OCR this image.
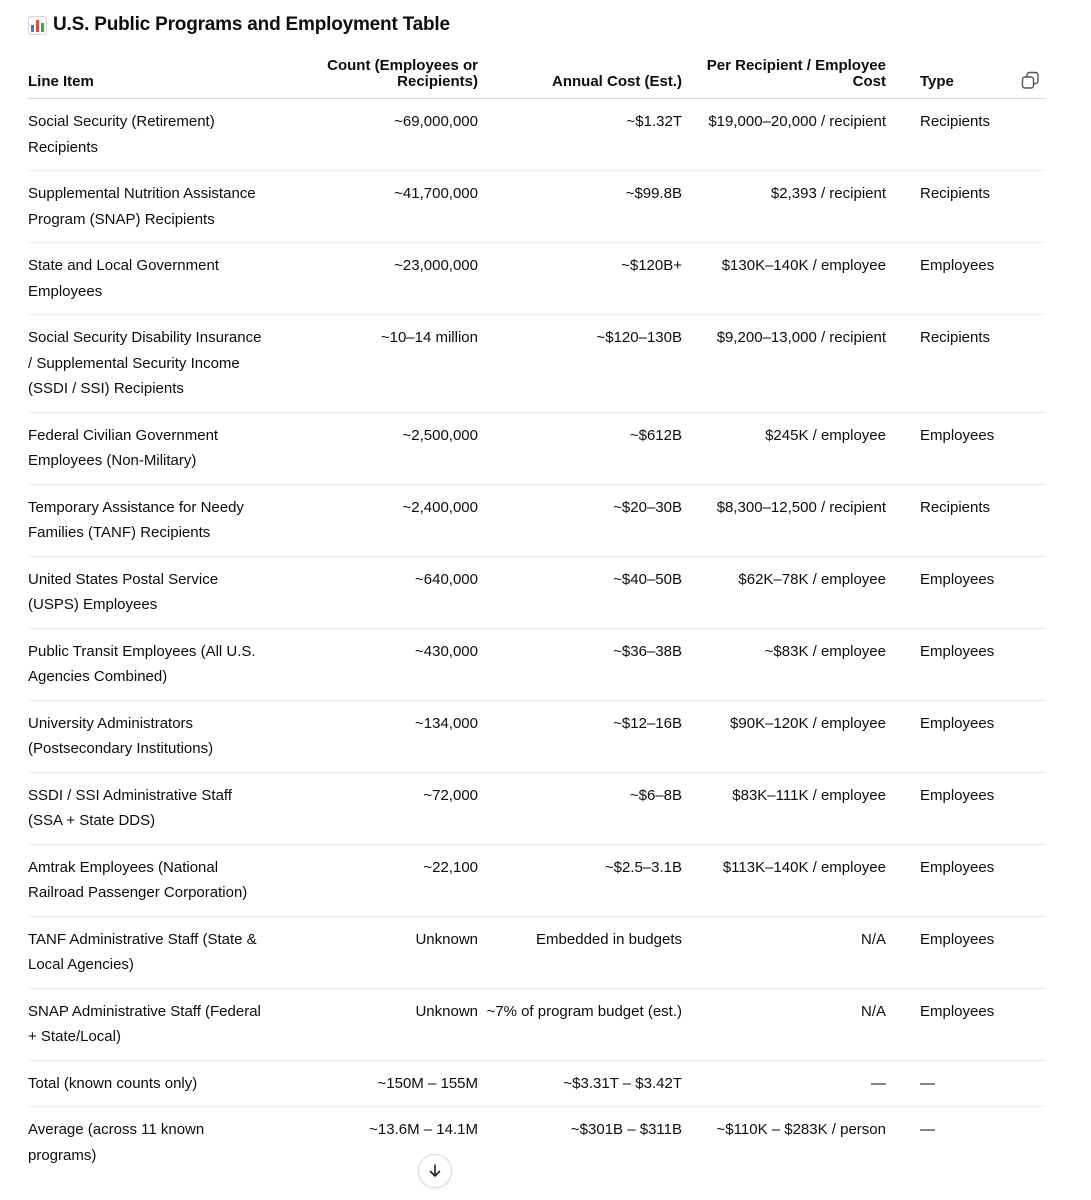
U.S. Public Programs and Employment Table
Line Item	Count (Employees or Recipients)	Annual Cost (Est.)	Per Recipient / Employee Cost	Type
Social Security (Retirement) Recipients	~69,000,000	~$1.32T	$19,000–20,000 / recipient	Recipients
Supplemental Nutrition Assistance Program (SNAP) Recipients	~41,700,000	~$99.8B	$2,393 / recipient	Recipients
State and Local Government Employees	~23,000,000	~$120B+	$130K–140K / employee	Employees
Social Security Disability Insurance / Supplemental Security Income (SSDI / SSI) Recipients	~10–14 million	~$120–130B	$9,200–13,000 / recipient	Recipients
Federal Civilian Government Employees (Non-Military)	~2,500,000	~$612B	$245K / employee	Employees
Temporary Assistance for Needy Families (TANF) Recipients	~2,400,000	~$20–30B	$8,300–12,500 / recipient	Recipients
United States Postal Service (USPS) Employees	~640,000	~$40–50B	$62K–78K / employee	Employees
Public Transit Employees (All U.S. Agencies Combined)	~430,000	~$36–38B	~$83K / employee	Employees
University Administrators (Postsecondary Institutions)	~134,000	~$12–16B	$90K–120K / employee	Employees
SSDI / SSI Administrative Staff (SSA + State DDS)	~72,000	~$6–8B	$83K–111K / employee	Employees
Amtrak Employees (National Railroad Passenger Corporation)	~22,100	~$2.5–3.1B	$113K–140K / employee	Employees
TANF Administrative Staff (State & Local Agencies)	Unknown	Embedded in budgets	N/A	Employees
SNAP Administrative Staff (Federal + State/Local)	Unknown	~7% of program budget (est.)	N/A	Employees
Total (known counts only)	~150M – 155M	~$3.31T – $3.42T	—	—
Average (across 11 known programs)	~13.6M – 14.1M	~$301B – $311B	~$110K – $283K / person	—
